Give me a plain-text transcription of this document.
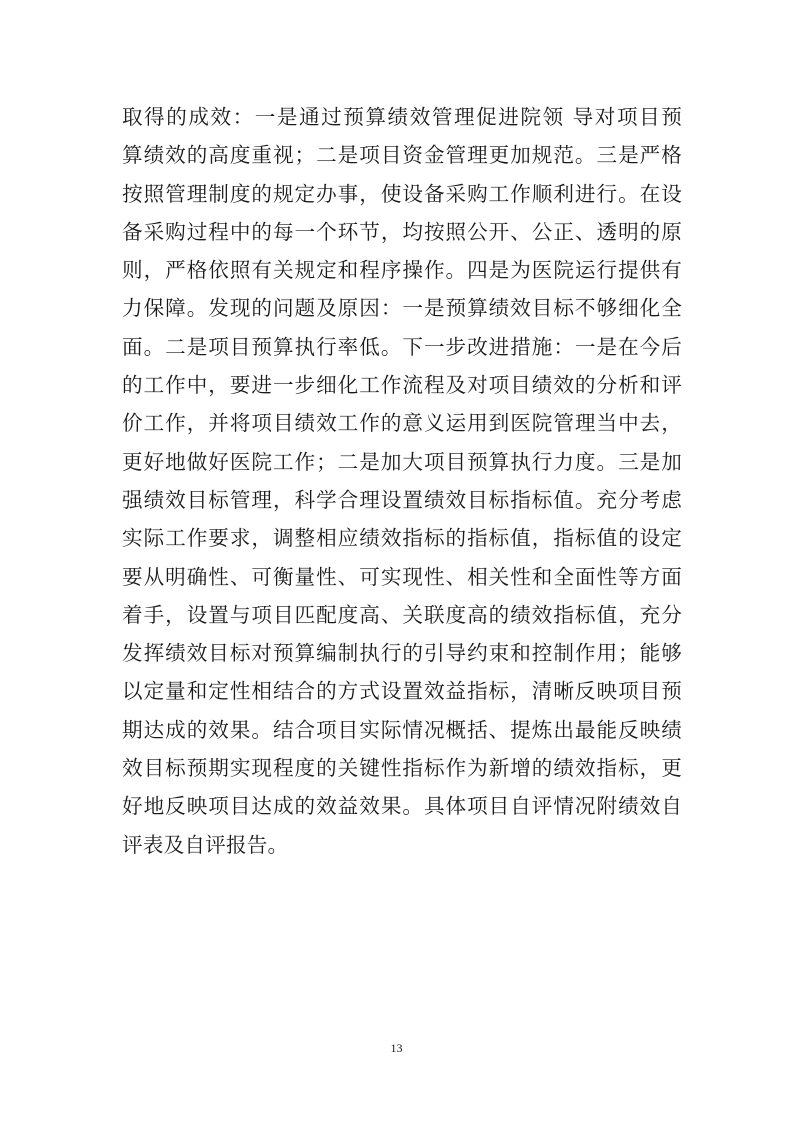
取得的成效：一是通过预算绩效管理促进院领 导对项目预
算绩效的高度重视；二是项目资金管理更加规范。三是严格
按照管理制度的规定办事，使设备采购工作顺利进行。在设
备采购过程中的每一个环节，均按照公开、公正、透明的原
则，严格依照有关规定和程序操作。四是为医院运行提供有
力保障。发现的问题及原因：一是预算绩效目标不够细化全
面。二是项目预算执行率低。下一步改进措施：一是在今后
的工作中，要进一步细化工作流程及对项目绩效的分析和评
价工作，并将项目绩效工作的意义运用到医院管理当中去，
更好地做好医院工作；二是加大项目预算执行力度。三是加
强绩效目标管理，科学合理设置绩效目标指标值。充分考虑
实际工作要求，调整相应绩效指标的指标值，指标值的设定
要从明确性、可衡量性、可实现性、相关性和全面性等方面
着手，设置与项目匹配度高、关联度高的绩效指标值，充分
发挥绩效目标对预算编制执行的引导约束和控制作用；能够
以定量和定性相结合的方式设置效益指标，清晰反映项目预
期达成的效果。结合项目实际情况概括、提炼出最能反映绩
效目标预期实现程度的关键性指标作为新增的绩效指标，更
好地反映项目达成的效益效果。具体项目自评情况附绩效自
评表及自评报告。
13
